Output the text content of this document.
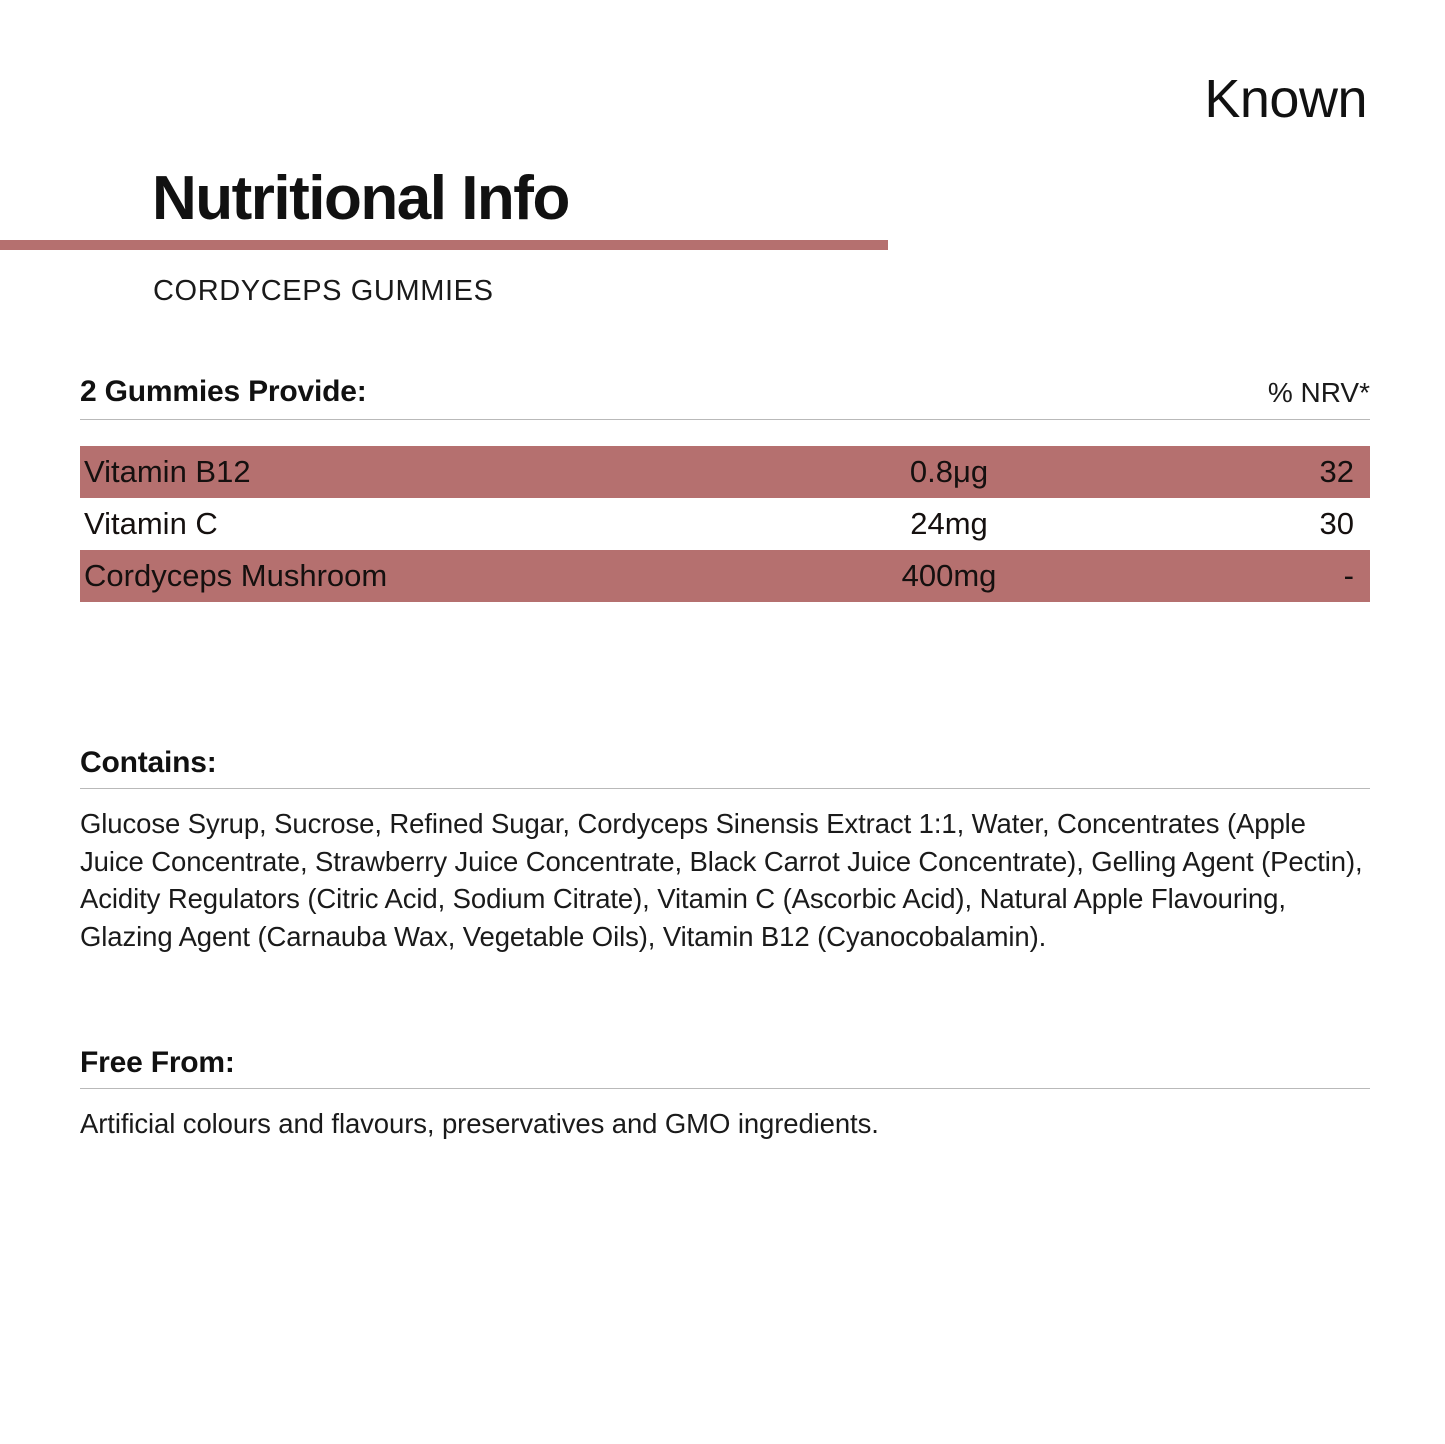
Known
Nutritional Info
CORDYCEPS GUMMIES
2 Gummies Provide:	% NRV*
Vitamin B12	0.8μg	32
Vitamin C	24mg	30
Cordyceps Mushroom	400mg	-
Contains:
Glucose Syrup, Sucrose, Refined Sugar, Cordyceps Sinensis Extract 1:1, Water, Concentrates (Apple Juice Concentrate, Strawberry Juice Concentrate, Black Carrot Juice Concentrate), Gelling Agent (Pectin), Acidity Regulators (Citric Acid, Sodium Citrate), Vitamin C (Ascorbic Acid), Natural Apple Flavouring, Glazing Agent (Carnauba Wax, Vegetable Oils), Vitamin B12 (Cyanocobalamin).
Free From:
Artificial colours and flavours, preservatives and GMO ingredients.
